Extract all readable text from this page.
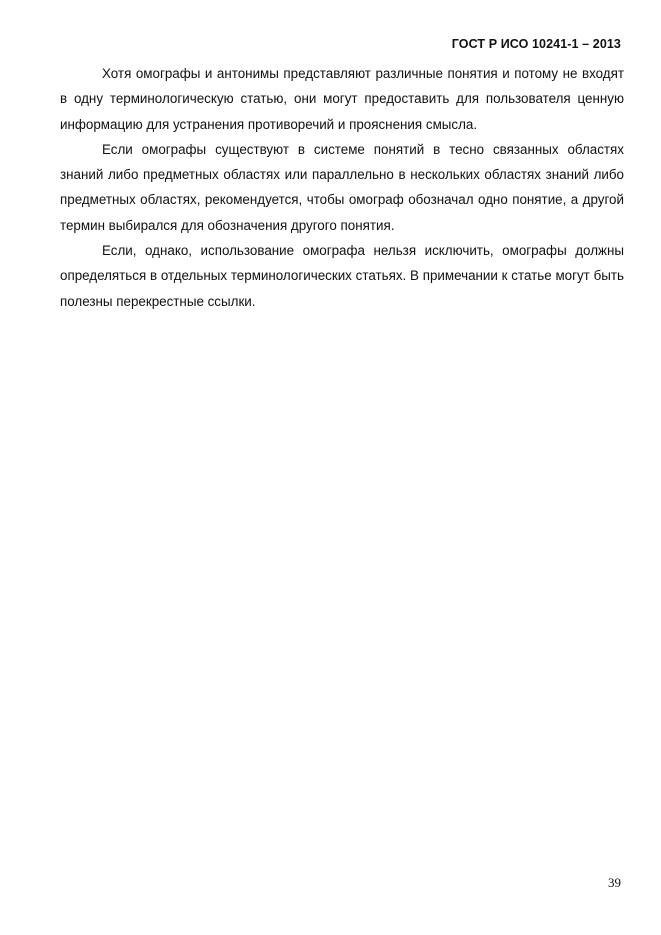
ГОСТ Р ИСО 10241-1 – 2013

Хотя омографы и антонимы представляют различные понятия и потому не входят в одну терминологическую статью, они могут предоставить для пользователя ценную информацию для устранения противоречий и прояснения смысла.

Если омографы существуют в системе понятий в тесно связанных областях знаний либо предметных областях или параллельно в нескольких областях знаний либо предметных областях, рекомендуется, чтобы омограф обозначал одно понятие, а другой термин выбирался для обозначения другого понятия.

Если, однако, использование омографа нельзя исключить, омографы должны определяться в отдельных терминологических статьях. В примечании к статье могут быть полезны перекрестные ссылки.

39
